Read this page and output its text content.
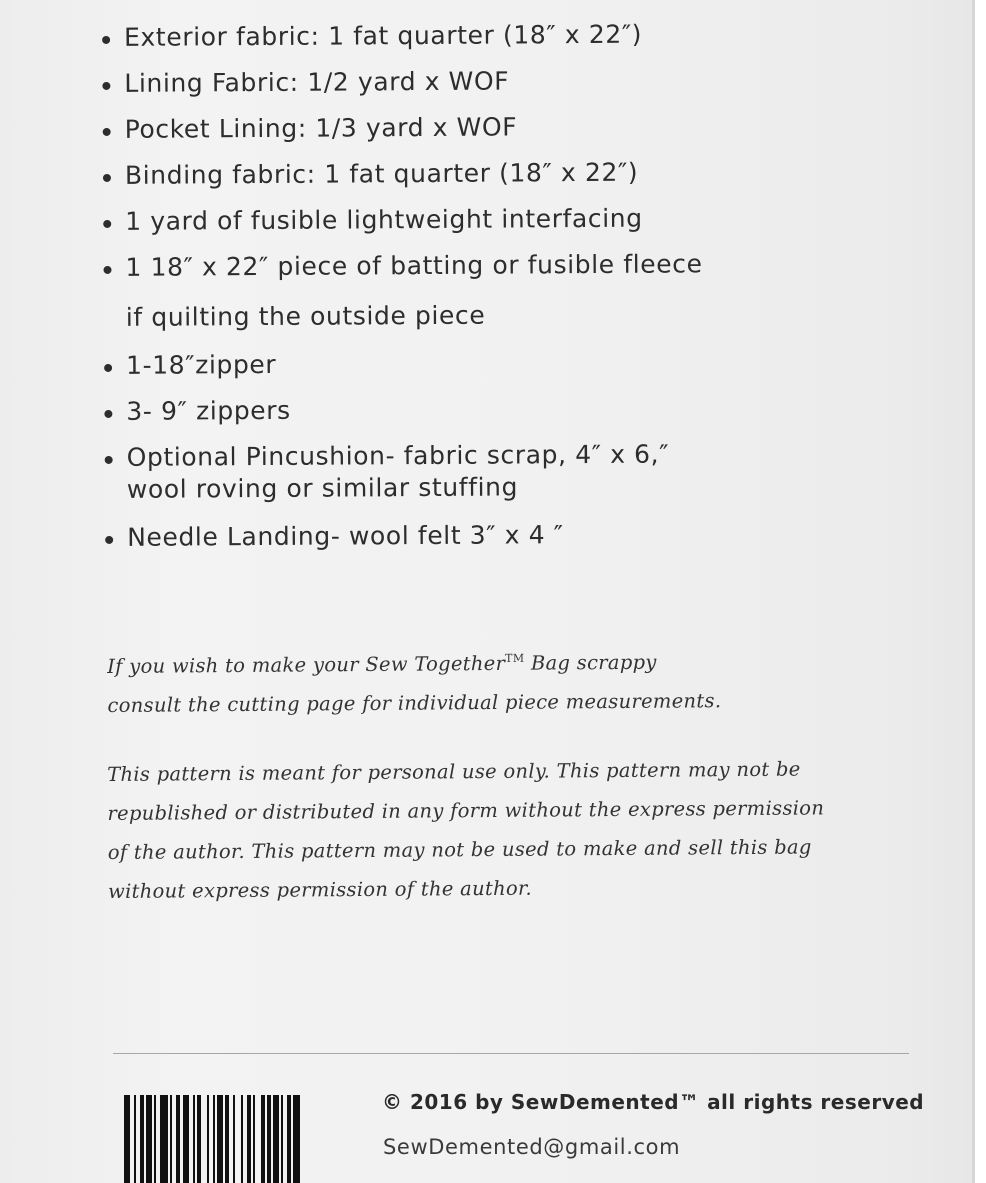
Exterior fabric: 1 fat quarter (18″ x 22″)
Lining Fabric: 1/2 yard x WOF
Pocket Lining: 1/3 yard x WOF
Binding fabric: 1 fat quarter (18″ x 22″)
1 yard of fusible lightweight interfacing
1 18″ x 22″ piece of batting or fusible fleece
if quilting the outside piece
1-18″zipper
3- 9″ zippers
Optional Pincushion- fabric scrap, 4″ x 6,″
wool roving or similar stuffing
Needle Landing- wool felt 3″ x 4 ″
If you wish to make your Sew Together™ Bag scrappy
consult the cutting page for individual piece measurements.
This pattern is meant for personal use only. This pattern may not be
republished or distributed in any form without the express permission
of the author. This pattern may not be used to make and sell this bag
without express permission of the author.
© 2016 by SewDemented™ all rights reserved
SewDemented@gmail.com
